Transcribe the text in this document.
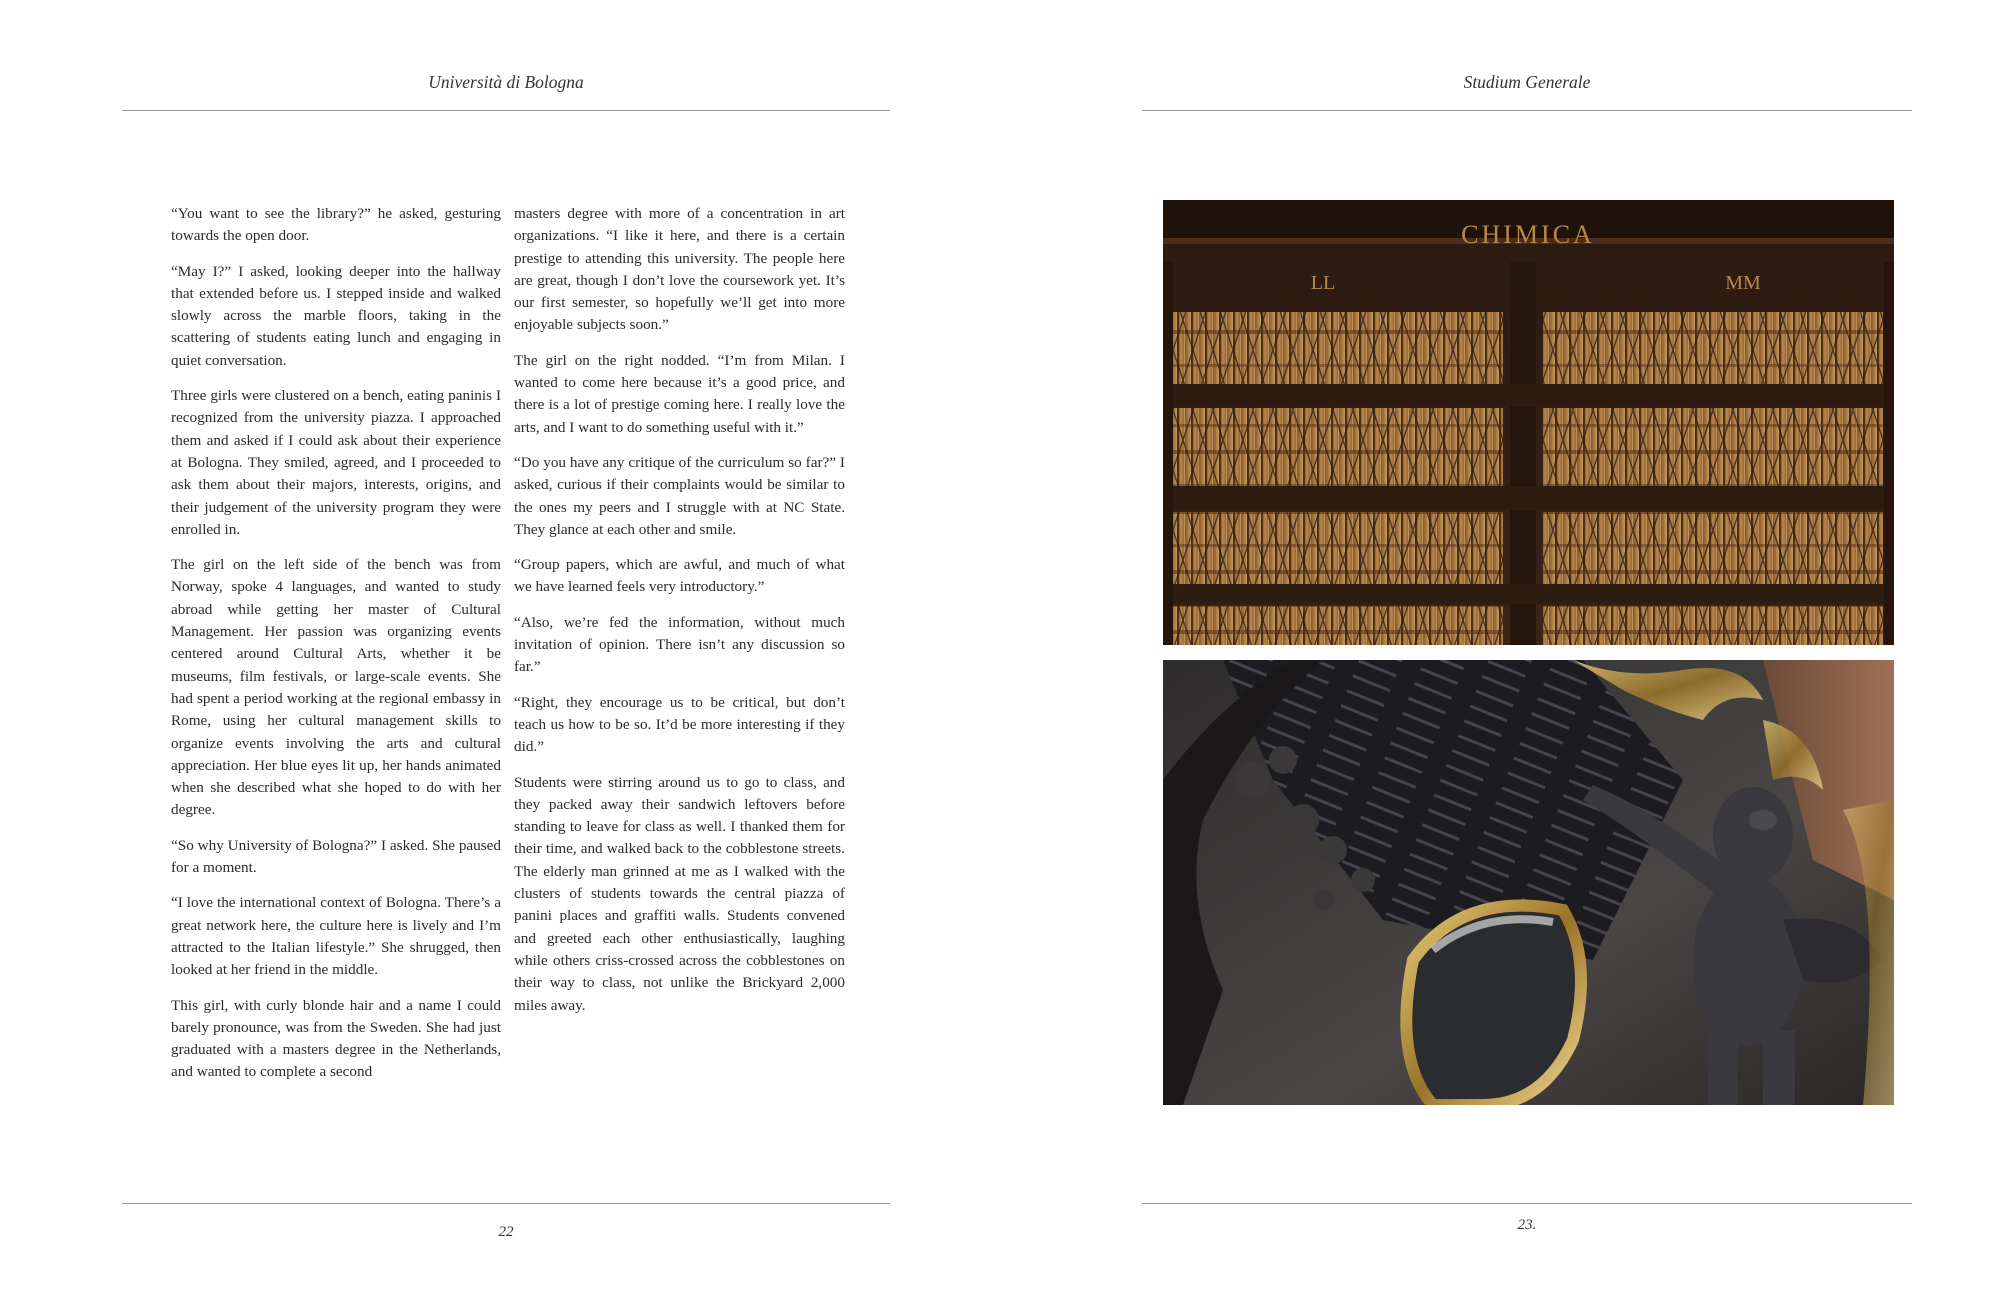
Università di Bologna

“You want to see the library?” he asked, gesturing towards the open door.

“May I?” I asked, looking deeper into the hallway that extended before us. I stepped inside and walked slowly across the marble floors, taking in the scattering of students eating lunch and engaging in quiet conversation.

Three girls were clustered on a bench, eating paninis I recognized from the university piazza. I approached them and asked if I could ask about their experience at Bologna. They smiled, agreed, and I proceeded to ask them about their majors, interests, origins, and their judgement of the university program they were enrolled in.

The girl on the left side of the bench was from Norway, spoke 4 languages, and wanted to study abroad while getting her master of Cultural Management. Her passion was organizing events centered around Cultural Arts, whether it be museums, film festivals, or large-scale events. She had spent a period working at the regional embassy in Rome, using her cultural management skills to organize events involving the arts and cultural appreciation. Her blue eyes lit up, her hands animated when she described what she hoped to do with her degree.

“So why University of Bologna?” I asked. She paused for a moment.

“I love the international context of Bologna. There’s a great network here, the culture here is lively and I’m attracted to the Italian lifestyle.” She shrugged, then looked at her friend in the middle.

This girl, with curly blonde hair and a name I could barely pronounce, was from the Sweden. She had just graduated with a masters degree in the Netherlands, and wanted to complete a second

masters degree with more of a concentration in art organizations. “I like it here, and there is a certain prestige to attending this university. The people here are great, though I don’t love the coursework yet. It’s our first semester, so hopefully we’ll get into more enjoyable subjects soon.”

The girl on the right nodded. “I’m from Milan. I wanted to come here because it’s a good price, and there is a lot of prestige coming here. I really love the arts, and I want to do something useful with it.”

“Do you have any critique of the curriculum so far?” I asked, curious if their complaints would be similar to the ones my peers and I struggle with at NC State. They glance at each other and smile.

“Group papers, which are awful, and much of what we have learned feels very introductory.”

“Also, we’re fed the information, without much invitation of opinion. There isn’t any discussion so far.”

“Right, they encourage us to be critical, but don’t teach us how to be so. It’d be more interesting if they did.”

Students were stirring around us to go to class, and they packed away their sandwich leftovers before standing to leave for class as well. I thanked them for their time, and walked back to the cobblestone streets. The elderly man grinned at me as I walked with the clusters of students towards the central piazza of panini places and graffiti walls. Students convened and greeted each other enthusiastically, laughing while others criss-crossed across the cobblestones on their way to class, not unlike the Brickyard 2,000 miles away.

22
Studium Generale
CHIMICA
LL	MM
23.
